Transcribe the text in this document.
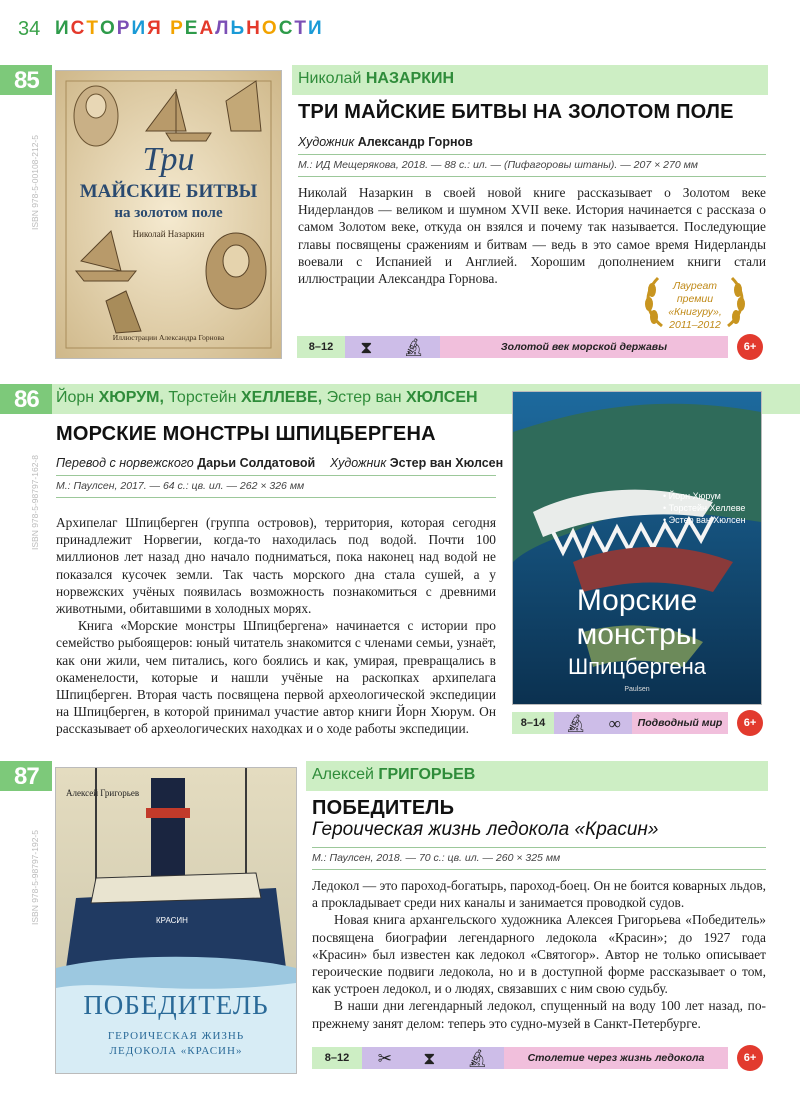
34 ИСТОРИЯ РЕАЛЬНОСТИ
85
ISBN 978-5-00108-212-5	Три
МАЙСКИЕ БИТВЫ
на золотом поле
Николай Назаркин
Иллюстрации Александра Горнова
Николай НАЗАРКИН
ТРИ МАЙСКИЕ БИТВЫ НА ЗОЛОТОМ ПОЛЕ
Художник Александр Горнов
М.: ИД Мещерякова, 2018. — 88 с.: ил. — (Пифагоровы штаны). — 207 × 270 мм

Николай Назаркин в своей новой книге рассказывает о Золотом веке Нидерландов — великом и шумном XVII веке. История начинается с рассказа о самом Золотом веке, откуда он взялся и почему так называется. Последующие главы посвящены сражениям и битвам — ведь в это самое время Нидерланды воевали с Испанией и Англией. Хорошим дополнением книги стали иллюстрации Александра Горнова.	Лауреат премии
«Книгуру»,
2011–2012
8–12	⧗ 🔬︎	Золотой век морской державы	6+
86 Йорн ХЮРУМ, Торстейн ХЕЛЛЕВЕ, Эстер ван ХЮЛСЕН
ISBN 978-5-98797-162-8	• Йорн Хюрум
• Торстейн Хеллеве
• Эстер ван Хюлсен
Морские
монстры
Шпицбергена
Paulsen
МОРСКИЕ МОНСТРЫ ШПИЦБЕРГЕНА
Перевод с норвежского Дарьи Солдатовой Художник Эстер ван Хюлсен
М.: Паулсен, 2017. — 64 с.: цв. ил. — 262 × 326 мм

Архипелаг Шпицберген (группа островов), территория, которая сегодня принадлежит Норвегии, когда-то находилась под водой. Почти 100 миллионов лет назад дно начало подниматься, пока наконец над водой не показался кусочек земли. Так часть морского дна стала сушей, а у норвежских учёных появилась возможность познакомиться с древними животными, обитавшими в холодных морях.

Книга «Морские монстры Шпицбергена» начинается с истории про семейство рыбоящеров: юный читатель знакомится с членами семьи, узнаёт, как они жили, чем питались, кого боялись и как, умирая, превращались в окаменелости, которые и нашли учёные на раскопках архипелага Шпицберген. Вторая часть посвящена первой археологической экспедиции на Шпицберген, в которой принимал участие автор книги Йорн Хюрум. Он рассказывает об археологических находках и о ходе работы экспедиции.	8–14	🔬︎ ∞	Подводный мир	6+
87
ISBN 978-5-98797-192-5
Алексей Григорьев
КРАСИН
ПОБЕДИТЕЛЬ
ГЕРОИЧЕСКАЯ ЖИЗНЬ
ЛЕДОКОЛА «КРАСИН»
Алексей ГРИГОРЬЕВ
ПОБЕДИТЕЛЬ
Героическая жизнь ледокола «Красин»
М.: Паулсен, 2018. — 70 с.: цв. ил. — 260 × 325 мм

Ледокол — это пароход-богатырь, пароход-боец. Он не боится коварных льдов, а прокладывает среди них каналы и занимается проводкой судов.

Новая книга архангельского художника Алексея Григорьева «Победитель» посвящена биографии легендарного ледокола «Красин»; до 1927 года «Красин» был известен как ледокол «Святогор». Автор не только описывает героические подвиги ледокола, но и в доступной форме рассказывает о том, как устроен ледокол, и о людях, связавших с ним свою судьбу.

В наши дни легендарный ледокол, спущенный на воду 100 лет назад, по-прежнему занят делом: теперь это судно-музей в Санкт-Петербурге.

8–12	✂ ⧗ 🔬︎	Столетие через жизнь ледокола	6+
